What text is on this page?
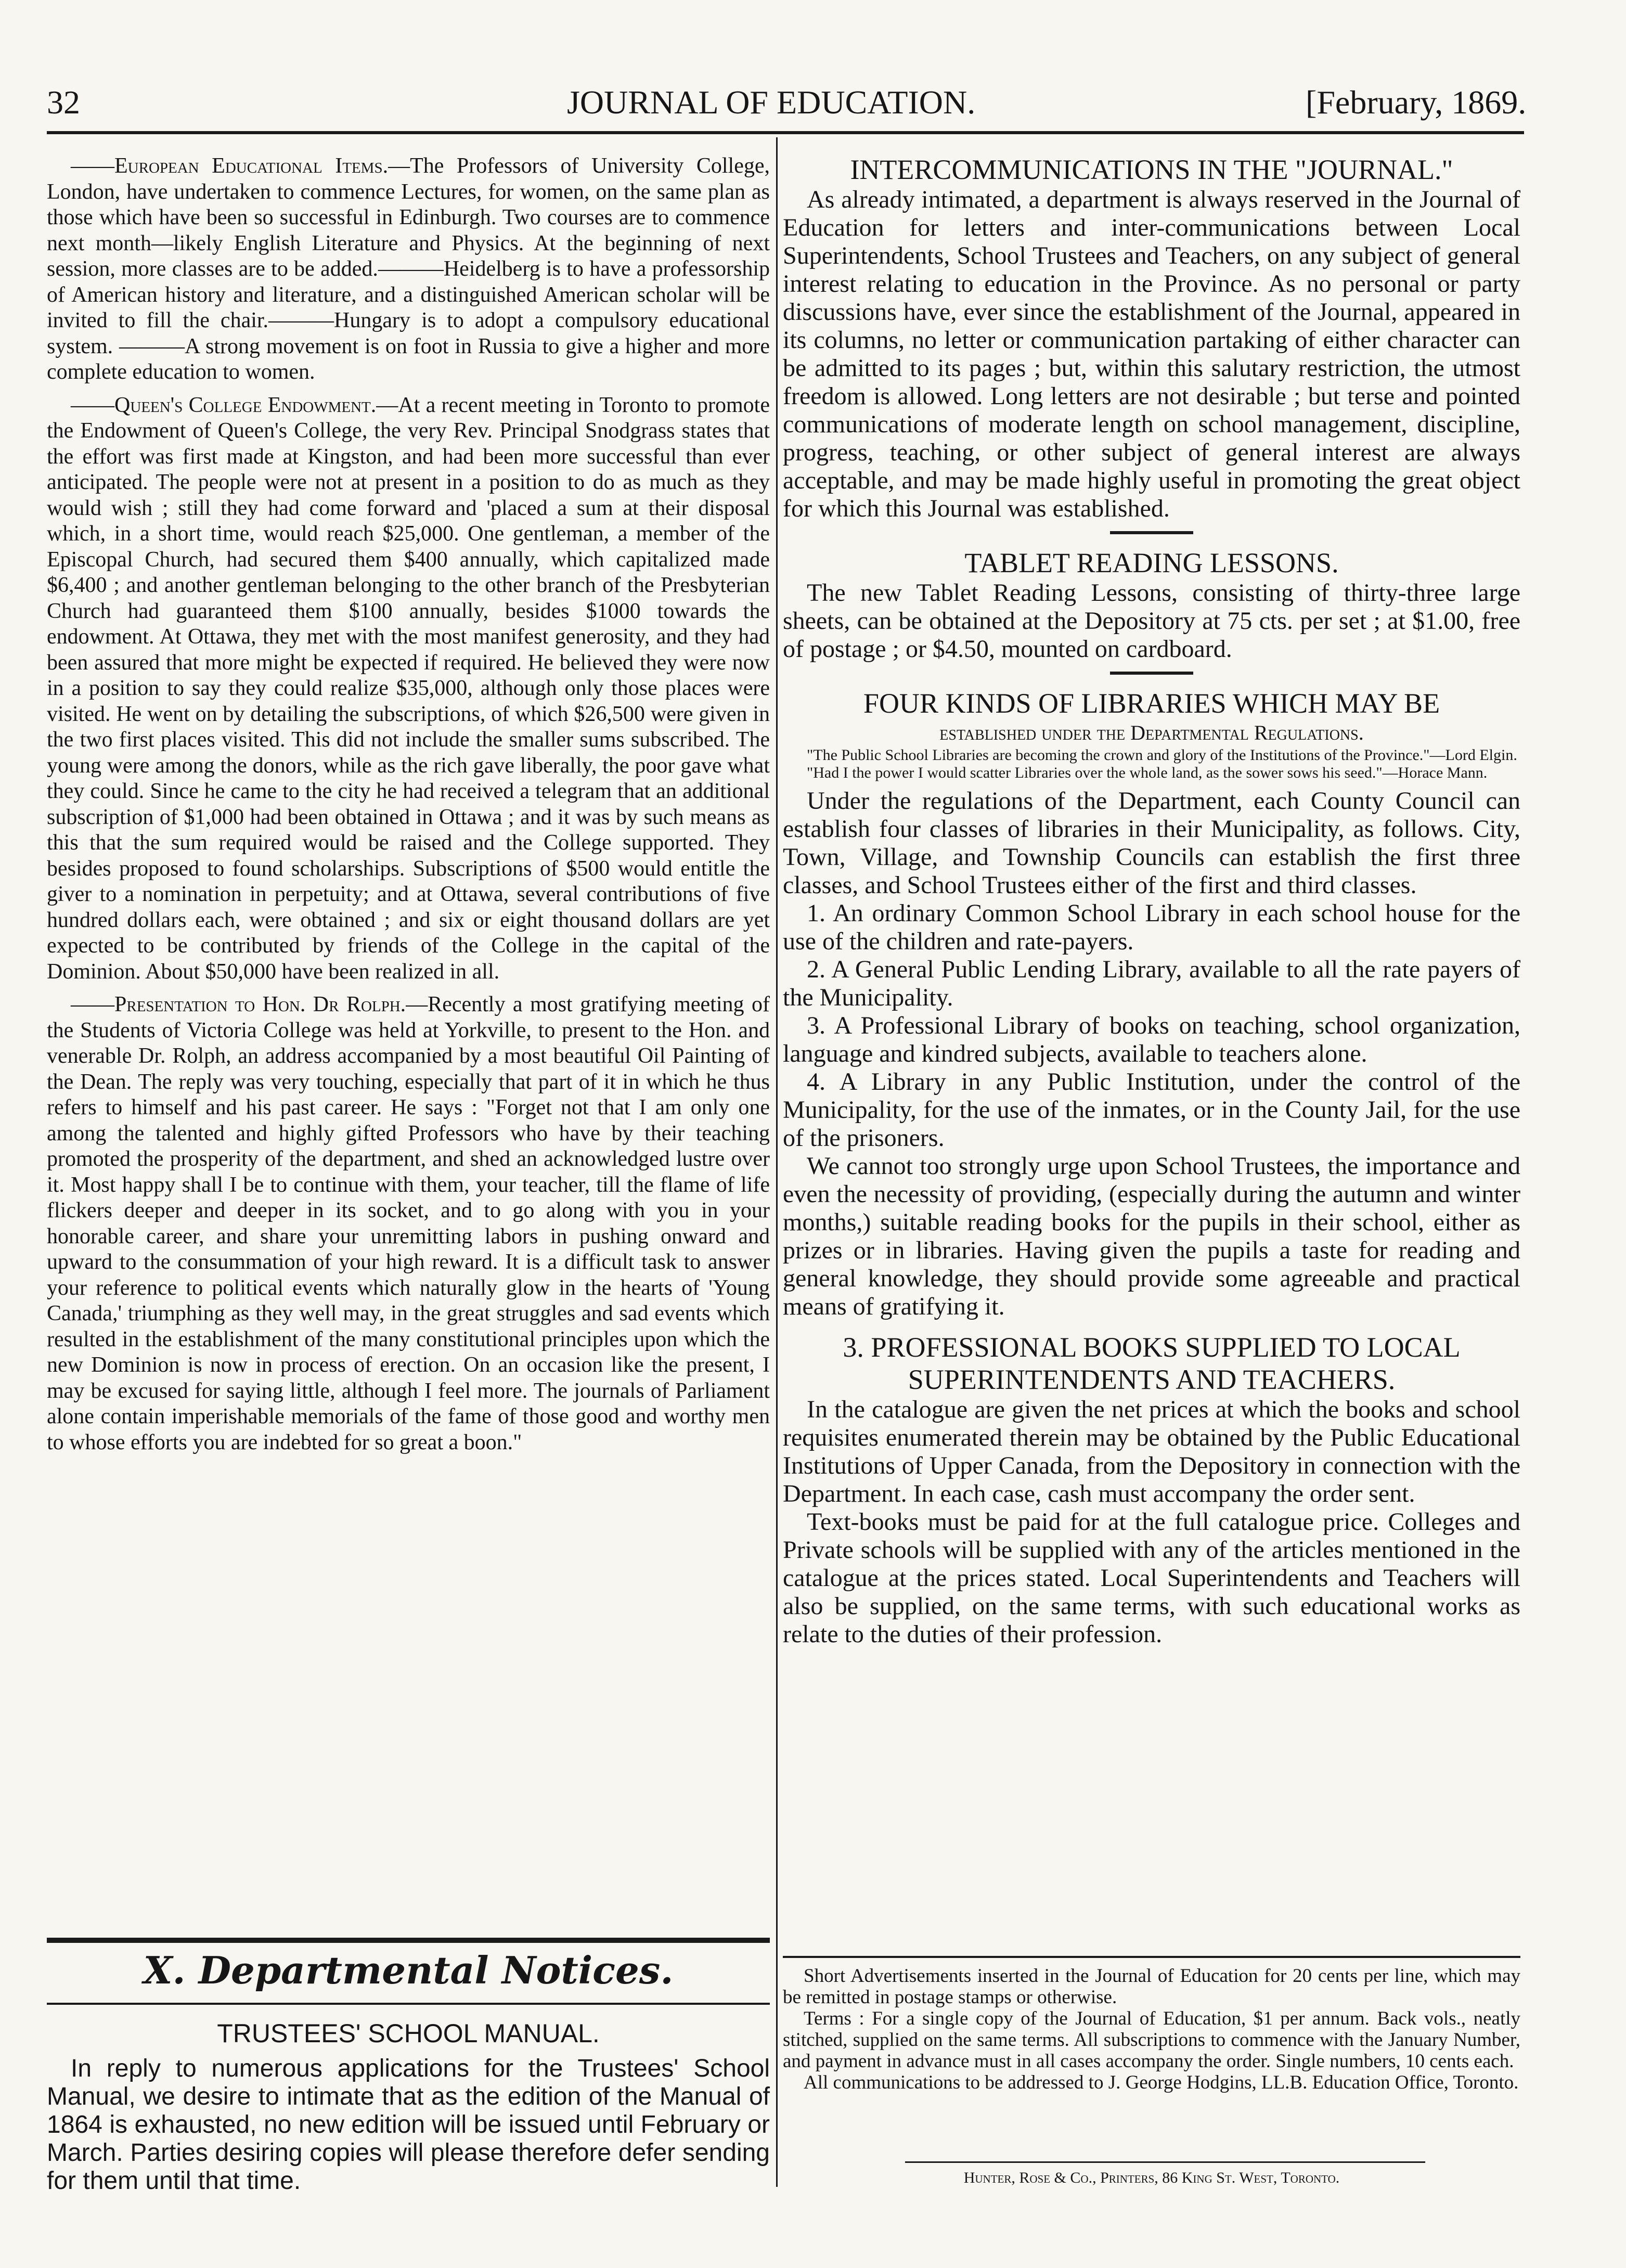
32	JOURNAL OF EDUCATION.	[February, 1869.

——European Educational Items.—The Professors of University College, London, have undertaken to commence Lectures, for women, on the same plan as those which have been so successful in Edinburgh. Two courses are to commence next month—likely English Literature and Physics. At the beginning of next session, more classes are to be added.———Heidelberg is to have a professorship of American history and literature, and a distinguished American scholar will be invited to fill the chair.———Hungary is to adopt a compulsory educational system. ———A strong movement is on foot in Russia to give a higher and more complete education to women.

——Queen's College Endowment.—At a recent meeting in Toronto to promote the Endowment of Queen's College, the very Rev. Principal Snodgrass states that the effort was first made at Kingston, and had been more successful than ever anticipated. The people were not at present in a position to do as much as they would wish ; still they had come forward and 'placed a sum at their disposal which, in a short time, would reach $25,000. One gentleman, a member of the Episcopal Church, had secured them $400 annually, which capitalized made $6,400 ; and another gentleman belonging to the other branch of the Presbyterian Church had guaranteed them $100 annually, besides $1000 towards the endowment. At Ottawa, they met with the most manifest generosity, and they had been assured that more might be expected if required. He believed they were now in a position to say they could realize $35,000, although only those places were visited. He went on by detailing the subscriptions, of which $26,500 were given in the two first places visited. This did not include the smaller sums subscribed. The young were among the donors, while as the rich gave liberally, the poor gave what they could. Since he came to the city he had received a telegram that an additional subscription of $1,000 had been obtained in Ottawa ; and it was by such means as this that the sum required would be raised and the College supported. They besides proposed to found scholarships. Subscriptions of $500 would entitle the giver to a nomination in perpetuity; and at Ottawa, several contributions of five hundred dollars each, were obtained ; and six or eight thousand dollars are yet expected to be contributed by friends of the College in the capital of the Dominion. About $50,000 have been realized in all.

——Presentation to Hon. Dr Rolph.—Recently a most gratifying meeting of the Students of Victoria College was held at Yorkville, to present to the Hon. and venerable Dr. Rolph, an address accompanied by a most beautiful Oil Painting of the Dean. The reply was very touching, especially that part of it in which he thus refers to himself and his past career. He says : "Forget not that I am only one among the talented and highly gifted Professors who have by their teaching promoted the prosperity of the department, and shed an acknowledged lustre over it. Most happy shall I be to continue with them, your teacher, till the flame of life flickers deeper and deeper in its socket, and to go along with you in your honorable career, and share your unremitting labors in pushing onward and upward to the consummation of your high reward. It is a difficult task to answer your reference to political events which naturally glow in the hearts of 'Young Canada,' triumphing as they well may, in the great struggles and sad events which resulted in the establishment of the many constitutional principles upon which the new Dominion is now in process of erection. On an occasion like the present, I may be excused for saying little, although I feel more. The journals of Parliament alone contain imperishable memorials of the fame of those good and worthy men to whose efforts you are indebted for so great a boon."

X. Departmental Notices.
TRUSTEES' SCHOOL MANUAL.

In reply to numerous applications for the Trustees' School Manual, we desire to intimate that as the edition of the Manual of 1864 is exhausted, no new edition will be issued until February or March. Parties desiring copies will please therefore defer sending for them until that time.

INTERCOMMUNICATIONS IN THE "JOURNAL."

As already intimated, a department is always reserved in the Journal of Education for letters and inter-communications between Local Superintendents, School Trustees and Teachers, on any subject of general interest relating to education in the Province. As no personal or party discussions have, ever since the establishment of the Journal, appeared in its columns, no letter or communication partaking of either character can be admitted to its pages ; but, within this salutary restriction, the utmost freedom is allowed. Long letters are not desirable ; but terse and pointed communications of moderate length on school management, discipline, progress, teaching, or other subject of general interest are always acceptable, and may be made highly useful in promoting the great object for which this Journal was established.

TABLET READING LESSONS.

The new Tablet Reading Lessons, consisting of thirty-three large sheets, can be obtained at the Depository at 75 cts. per set ; at $1.00, free of postage ; or $4.50, mounted on cardboard.

FOUR KINDS OF LIBRARIES WHICH MAY BE

established under the Departmental Regulations.

"The Public School Libraries are becoming the crown and glory of the Institutions of the Province."—Lord Elgin.

"Had I the power I would scatter Libraries over the whole land, as the sower sows his seed."—Horace Mann.

Under the regulations of the Department, each County Council can establish four classes of libraries in their Municipality, as follows. City, Town, Village, and Township Councils can establish the first three classes, and School Trustees either of the first and third classes.

1. An ordinary Common School Library in each school house for the use of the children and rate-payers.

2. A General Public Lending Library, available to all the rate payers of the Municipality.

3. A Professional Library of books on teaching, school organization, language and kindred subjects, available to teachers alone.

4. A Library in any Public Institution, under the control of the Municipality, for the use of the inmates, or in the County Jail, for the use of the prisoners.

We cannot too strongly urge upon School Trustees, the importance and even the necessity of providing, (especially during the autumn and winter months,) suitable reading books for the pupils in their school, either as prizes or in libraries. Having given the pupils a taste for reading and general knowledge, they should provide some agreeable and practical means of gratifying it.

3. PROFESSIONAL BOOKS SUPPLIED TO LOCAL SUPERINTENDENTS AND TEACHERS.

In the catalogue are given the net prices at which the books and school requisites enumerated therein may be obtained by the Public Educational Institutions of Upper Canada, from the Depository in connection with the Department. In each case, cash must accompany the order sent.

Text-books must be paid for at the full catalogue price. Colleges and Private schools will be supplied with any of the articles mentioned in the catalogue at the prices stated. Local Superintendents and Teachers will also be supplied, on the same terms, with such educational works as relate to the duties of their profession.

Short Advertisements inserted in the Journal of Education for 20 cents per line, which may be remitted in postage stamps or otherwise.

Terms : For a single copy of the Journal of Education, $1 per annum. Back vols., neatly stitched, supplied on the same terms. All subscriptions to commence with the January Number, and payment in advance must in all cases accompany the order. Single numbers, 10 cents each.

All communications to be addressed to J. George Hodgins, LL.B. Education Office, Toronto.

Hunter, Rose & Co., Printers, 86 King St. West, Toronto.
